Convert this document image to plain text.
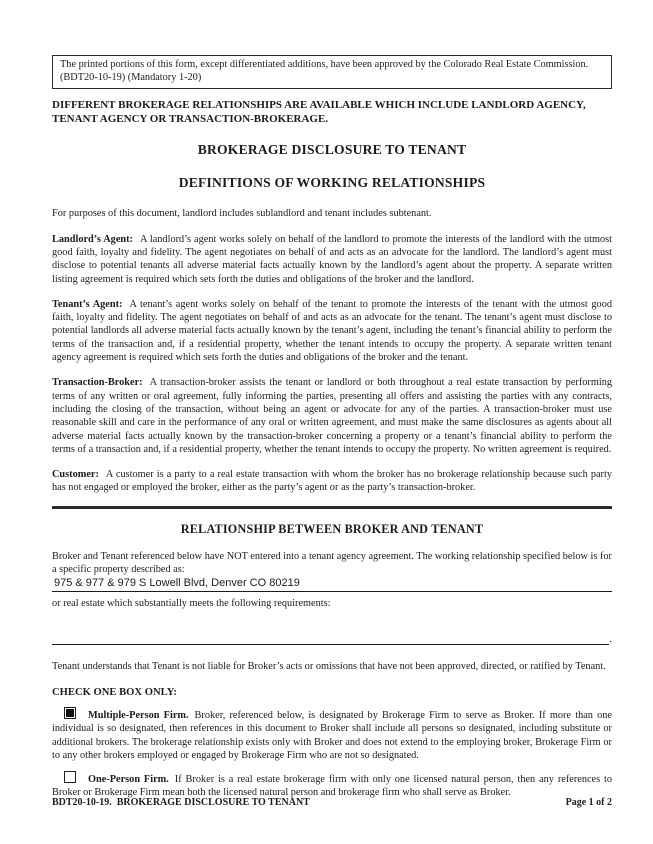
The printed portions of this form, except differentiated additions, have been approved by the Colorado Real Estate Commission.
(BDT20-10-19) (Mandatory 1-20)
DIFFERENT BROKERAGE RELATIONSHIPS ARE AVAILABLE WHICH INCLUDE LANDLORD AGENCY, TENANT AGENCY OR TRANSACTION-BROKERAGE.
BROKERAGE DISCLOSURE TO TENANT
DEFINITIONS OF WORKING RELATIONSHIPS
For purposes of this document, landlord includes sublandlord and tenant includes subtenant.
Landlord’s Agent: A landlord’s agent works solely on behalf of the landlord to promote the interests of the landlord with the utmost good faith, loyalty and fidelity. The agent negotiates on behalf of and acts as an advocate for the landlord. The landlord’s agent must disclose to potential tenants all adverse material facts actually known by the landlord’s agent about the property. A separate written listing agreement is required which sets forth the duties and obligations of the broker and the landlord.
Tenant’s Agent: A tenant’s agent works solely on behalf of the tenant to promote the interests of the tenant with the utmost good faith, loyalty and fidelity. The agent negotiates on behalf of and acts as an advocate for the tenant. The tenant’s agent must disclose to potential landlords all adverse material facts actually known by the tenant’s agent, including the tenant’s financial ability to perform the terms of the transaction and, if a residential property, whether the tenant intends to occupy the property. A separate written tenant agency agreement is required which sets forth the duties and obligations of the broker and the tenant.
Transaction-Broker: A transaction-broker assists the tenant or landlord or both throughout a real estate transaction by performing terms of any written or oral agreement, fully informing the parties, presenting all offers and assisting the parties with any contracts, including the closing of the transaction, without being an agent or advocate for any of the parties. A transaction-broker must use reasonable skill and care in the performance of any oral or written agreement, and must make the same disclosures as agents about all adverse material facts actually known by the transaction-broker concerning a property or a tenant’s financial ability to perform the terms of a transaction and, if a residential property, whether the tenant intends to occupy the property. No written agreement is required.
Customer: A customer is a party to a real estate transaction with whom the broker has no brokerage relationship because such party has not engaged or employed the broker, either as the party’s agent or as the party’s transaction-broker.
RELATIONSHIP BETWEEN BROKER AND TENANT
Broker and Tenant referenced below have NOT entered into a tenant agency agreement. The working relationship specified below is for a specific property described as:
975 & 977 & 979 S Lowell Blvd, Denver CO 80219
or real estate which substantially meets the following requirements:
.
Tenant understands that Tenant is not liable for Broker’s acts or omissions that have not been approved, directed, or ratified by Tenant.
CHECK ONE BOX ONLY:
Multiple-Person Firm. Broker, referenced below, is designated by Brokerage Firm to serve as Broker. If more than one individual is so designated, then references in this document to Broker shall include all persons so designated, including substitute or additional brokers. The brokerage relationship exists only with Broker and does not extend to the employing broker, Brokerage Firm or to any other brokers employed or engaged by Brokerage Firm who are not so designated.
One-Person Firm. If Broker is a real estate brokerage firm with only one licensed natural person, then any references to Broker or Brokerage Firm mean both the licensed natural person and brokerage firm who shall serve as Broker.
BDT20-10-19.  BROKERAGE DISCLOSURE TO TENANT	Page 1 of 2
